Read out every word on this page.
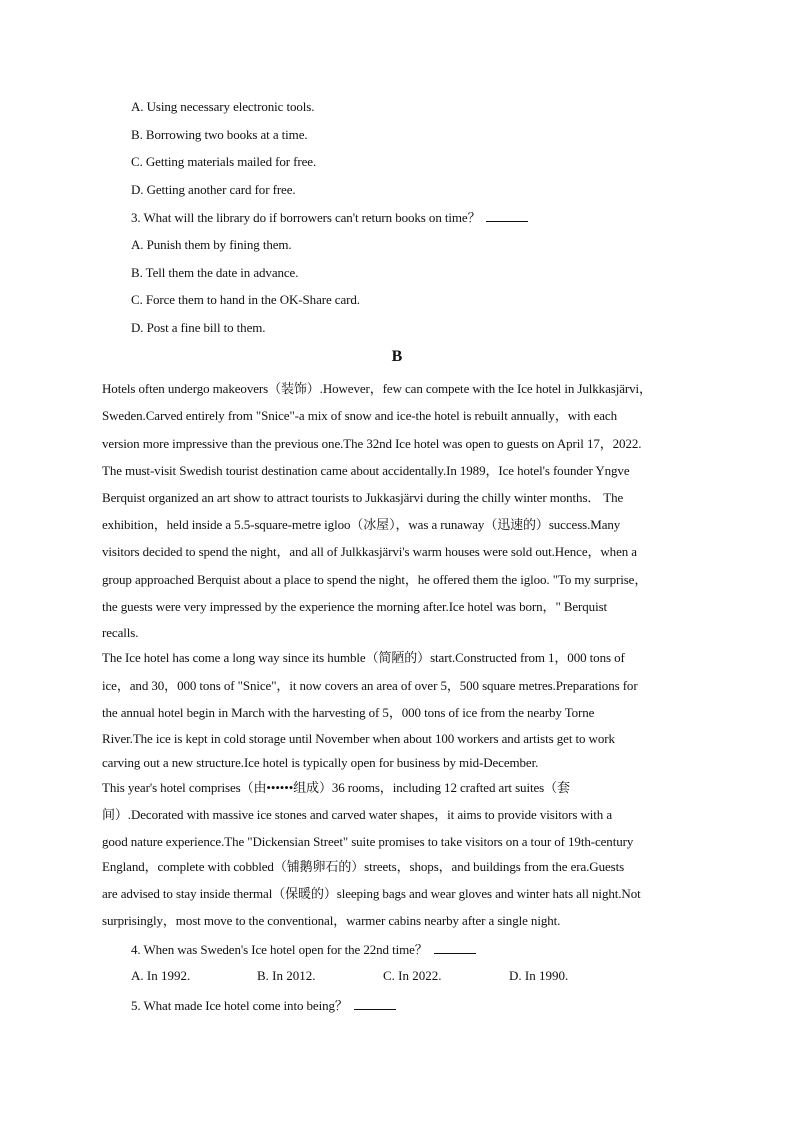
A. Using necessary electronic tools.
B. Borrowing two books at a time.
C. Getting materials mailed for free.
D. Getting another card for free.
3. What will the library do if borrowers can't return books on time？
A. Punish them by fining them.
B. Tell them the date in advance.
C. Force them to hand in the OK-Share card.
D. Post a fine bill to them.
B
Hotels often undergo makeovers（装饰）.However，few can compete with the Ice hotel in Julkkasjärvi，
Sweden.Carved entirely from "Snice"-a mix of snow and ice-the hotel is rebuilt annually，with each
version more impressive than the previous one.The 32nd Ice hotel was open to guests on April 17，2022.
The must-visit Swedish tourist destination came about accidentally.In 1989，Ice hotel's founder Yngve
Berquist organized an art show to attract tourists to Jukkasjärvi during the chilly winter months． The
exhibition，held inside a 5.5-square-metre igloo（冰屋），was a runaway（迅速的）success.Many
visitors decided to spend the night，and all of Julkkasjärvi's warm houses were sold out.Hence，when a
group approached Berquist about a place to spend the night，he offered them the igloo. "To my surprise，
the guests were very impressed by the experience the morning after.Ice hotel was born，" Berquist
recalls.
The Ice hotel has come a long way since its humble（简陋的）start.Constructed from 1，000 tons of
ice，and 30，000 tons of "Snice"，it now covers an area of over 5，500 square metres.Preparations for
the annual hotel begin in March with the harvesting of 5，000 tons of ice from the nearby Torne
River.The ice is kept in cold storage until November when about 100 workers and artists get to work
carving out a new structure.Ice hotel is typically open for business by mid-December.
This year's hotel comprises（由••••••组成）36 rooms，including 12 crafted art suites（套
间）.Decorated with massive ice stones and carved water shapes，it aims to provide visitors with a
good nature experience.The "Dickensian Street" suite promises to take visitors on a tour of 19th-century
England，complete with cobbled（铺鹅卵石的）streets，shops，and buildings from the era.Guests
are advised to stay inside thermal（保暖的）sleeping bags and wear gloves and winter hats all night.Not
surprisingly，most move to the conventional，warmer cabins nearby after a single night.
4. When was Sweden's Ice hotel open for the 22nd time？
A. In 1992.	B. In 2012.	C. In 2022.	D. In 1990.
5. What made Ice hotel come into being？
